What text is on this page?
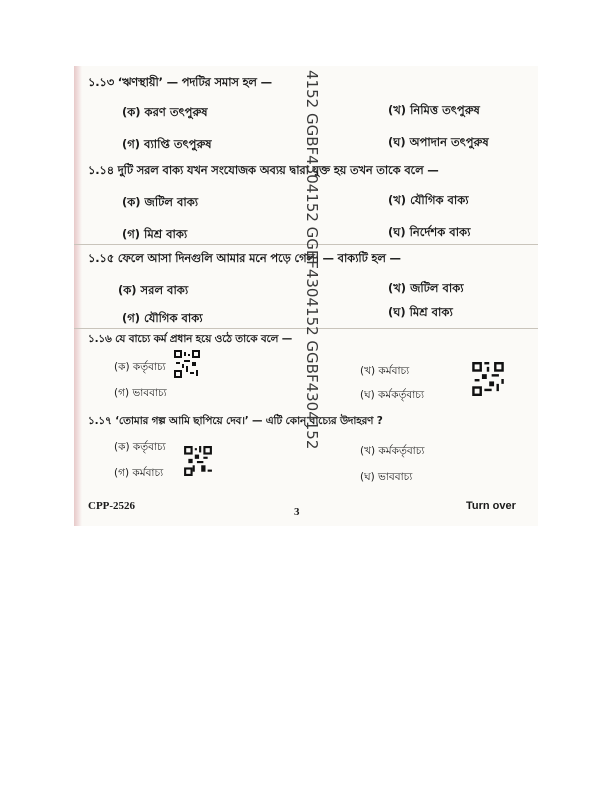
১.১৩ ‘ঋণস্থায়ী’ — পদটির সমাস হল —
(ক) করণ তৎপুরুষ	(খ) নিমিত্ত তৎপুরুষ
(গ) ব্যাপ্তি তৎপুরুষ	(ঘ) অপাদান তৎপুরুষ
১.১৪ দুটি সরল বাক্য যখন সংযোজক অব্যয় দ্বারা যুক্ত হয় তখন তাকে বলে —
(ক) জটিল বাক্য	(খ) যৌগিক বাক্য
(গ) মিশ্র বাক্য	(ঘ) নির্দেশক বাক্য
১.১৫ ফেলে আসা দিনগুলি আমার মনে পড়ে গেল। — বাক্যটি হল —
(ক) সরল বাক্য	(খ) জটিল বাক্য
(গ) যৌগিক বাক্য	(ঘ) মিশ্র বাক্য
১.১৬ যে বাচ্যে কর্ম প্রধান হয়ে ওঠে তাকে বলে —
(ক) কর্তৃবাচ্য	(খ) কর্মবাচ্য
(গ) ভাববাচ্য	(ঘ) কর্মকর্তৃবাচ্য
১.১৭ ‘তোমার গল্প আমি ছাপিয়ে দেব।’ — এটি কোন্ বাচ্যের উদাহরণ ?
(ক) কর্তৃবাচ্য	(খ) কর্মকর্তৃবাচ্য
(গ) কর্মবাচ্য	(ঘ) ভাববাচ্য
4152 GGBF4304152 GGBF4304152 GGBF4304152
CPP-2526	3	Turn over
